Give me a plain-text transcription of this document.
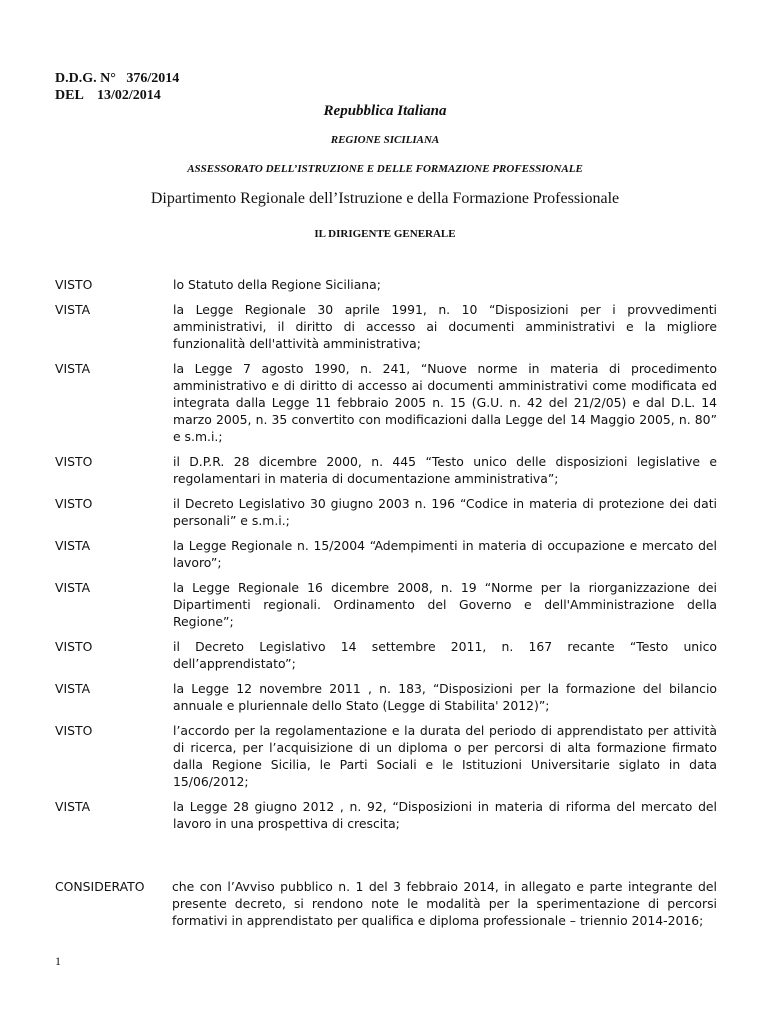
D.D.G. N°   376/2014
DEL    13/02/2014
Repubblica Italiana
REGIONE SICILIANA
ASSESSORATO DELL’ISTRUZIONE E DELLE FORMAZIONE PROFESSIONALE
Dipartimento Regionale dell’Istruzione e della Formazione Professionale
IL DIRIGENTE GENERALE
VISTO	lo Statuto della Regione Siciliana;
VISTA	la Legge Regionale 30 aprile 1991, n. 10 “Disposizioni per i provvedimenti amministrativi, il diritto di accesso ai documenti amministrativi e la migliore funzionalità dell'attività amministrativa;
VISTA	la Legge 7 agosto 1990, n. 241, “Nuove norme in materia di procedimento amministrativo e di diritto di accesso ai documenti amministrativi come modificata ed integrata dalla Legge 11 febbraio 2005 n. 15 (G.U. n. 42 del 21/2/05) e dal D.L. 14 marzo 2005, n. 35 convertito con modificazioni dalla Legge del 14 Maggio 2005, n. 80” e s.m.i.;
VISTO	il D.P.R. 28 dicembre 2000, n. 445 “Testo unico delle disposizioni legislative e regolamentari in materia di documentazione amministrativa”;
VISTO	il Decreto Legislativo 30 giugno 2003 n. 196 “Codice in materia di protezione dei dati personali” e s.m.i.;
VISTA	la Legge Regionale n. 15/2004 “Adempimenti in materia di occupazione e mercato del lavoro”;
VISTA	la Legge Regionale 16 dicembre 2008, n. 19 “Norme per la riorganizzazione dei Dipartimenti regionali. Ordinamento del Governo e dell'Amministrazione della Regione”;
VISTO	il Decreto Legislativo 14 settembre 2011, n. 167 recante “Testo unico dell’apprendistato”;
VISTA	la Legge 12 novembre 2011 , n. 183, “Disposizioni per la formazione del bilancio annuale e pluriennale dello Stato (Legge di Stabilita' 2012)”;
VISTO	l’accordo per la regolamentazione e la durata del periodo di apprendistato per attività di ricerca, per l’acquisizione di un diploma o per percorsi di alta formazione firmato dalla Regione Sicilia, le Parti Sociali e le Istituzioni Universitarie siglato in data 15/06/2012;
VISTA	la Legge 28 giugno 2012 , n. 92, “Disposizioni in materia di riforma del mercato del lavoro in una prospettiva di crescita;
CONSIDERATO	che con l’Avviso pubblico n. 1 del 3 febbraio 2014, in allegato e parte integrante del presente decreto, si rendono note le modalità per la sperimentazione di percorsi formativi in apprendistato per qualifica e diploma professionale – triennio 2014-2016;
1
